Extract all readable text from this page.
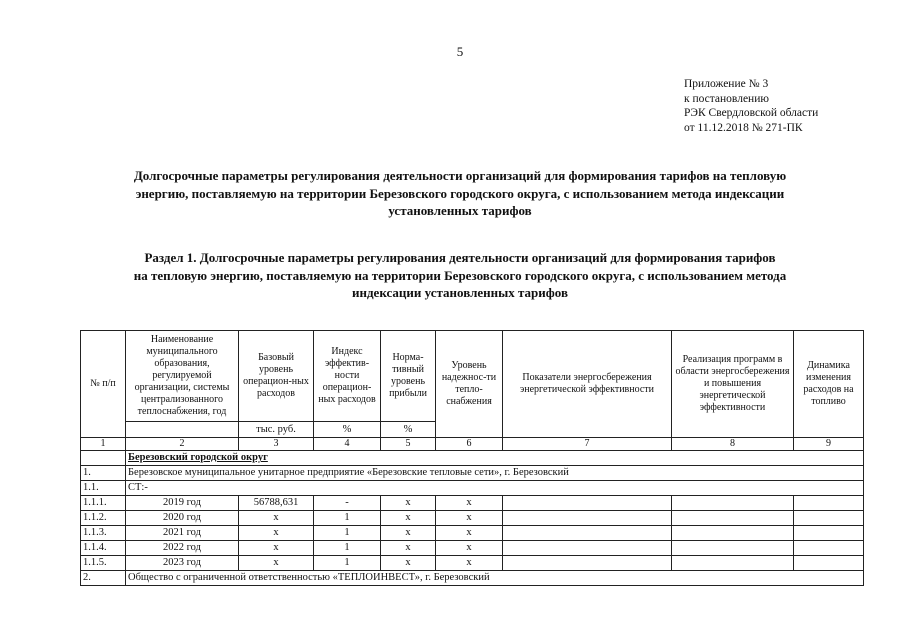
5
Приложение № 3
к постановлению
РЭК Свердловской области
от 11.12.2018 № 271-ПК
Долгосрочные параметры регулирования деятельности организаций для формирования тарифов на тепловую
энергию, поставляемую на территории Березовского городского округа, с использованием метода индексации
установленных тарифов
Раздел 1. Долгосрочные параметры регулирования деятельности организаций для формирования тарифов
на тепловую энергию, поставляемую на территории Березовского городского округа, с использованием метода
индексации установленных тарифов
№ п/п	Наименование муниципального образования, регулируемой организации, системы централизованного теплоснабжения, год	Базовый уровень операцион-ных расходов	Индекс эффектив-ности операцион-ных расходов	Норма-тивный уровень прибыли	Уровень надежнос-ти тепло-снабжения	Показатели энергосбережения энергетической эффективности	Реализация программ в области энергосбережения и повышения энергетической эффективности	Динамика изменения расходов на топливо
		тыс. руб.	%	%				
1	2	3	4	5	6	7	8	9
	Березовский городской округ							
1.	Березовское муниципальное унитарное предприятие «Березовские тепловые сети», г. Березовский							
1.1.	СТ:-							
1.1.1.	2019 год	56788,631	-	х	х			
1.1.2.	2020 год	х	1	х	х			
1.1.3.	2021 год	х	1	х	х			
1.1.4.	2022 год	х	1	х	х			
1.1.5.	2023 год	х	1	х	х			
2.	Общество с ограниченной ответственностью «ТЕПЛОИНВЕСТ», г. Березовский							
